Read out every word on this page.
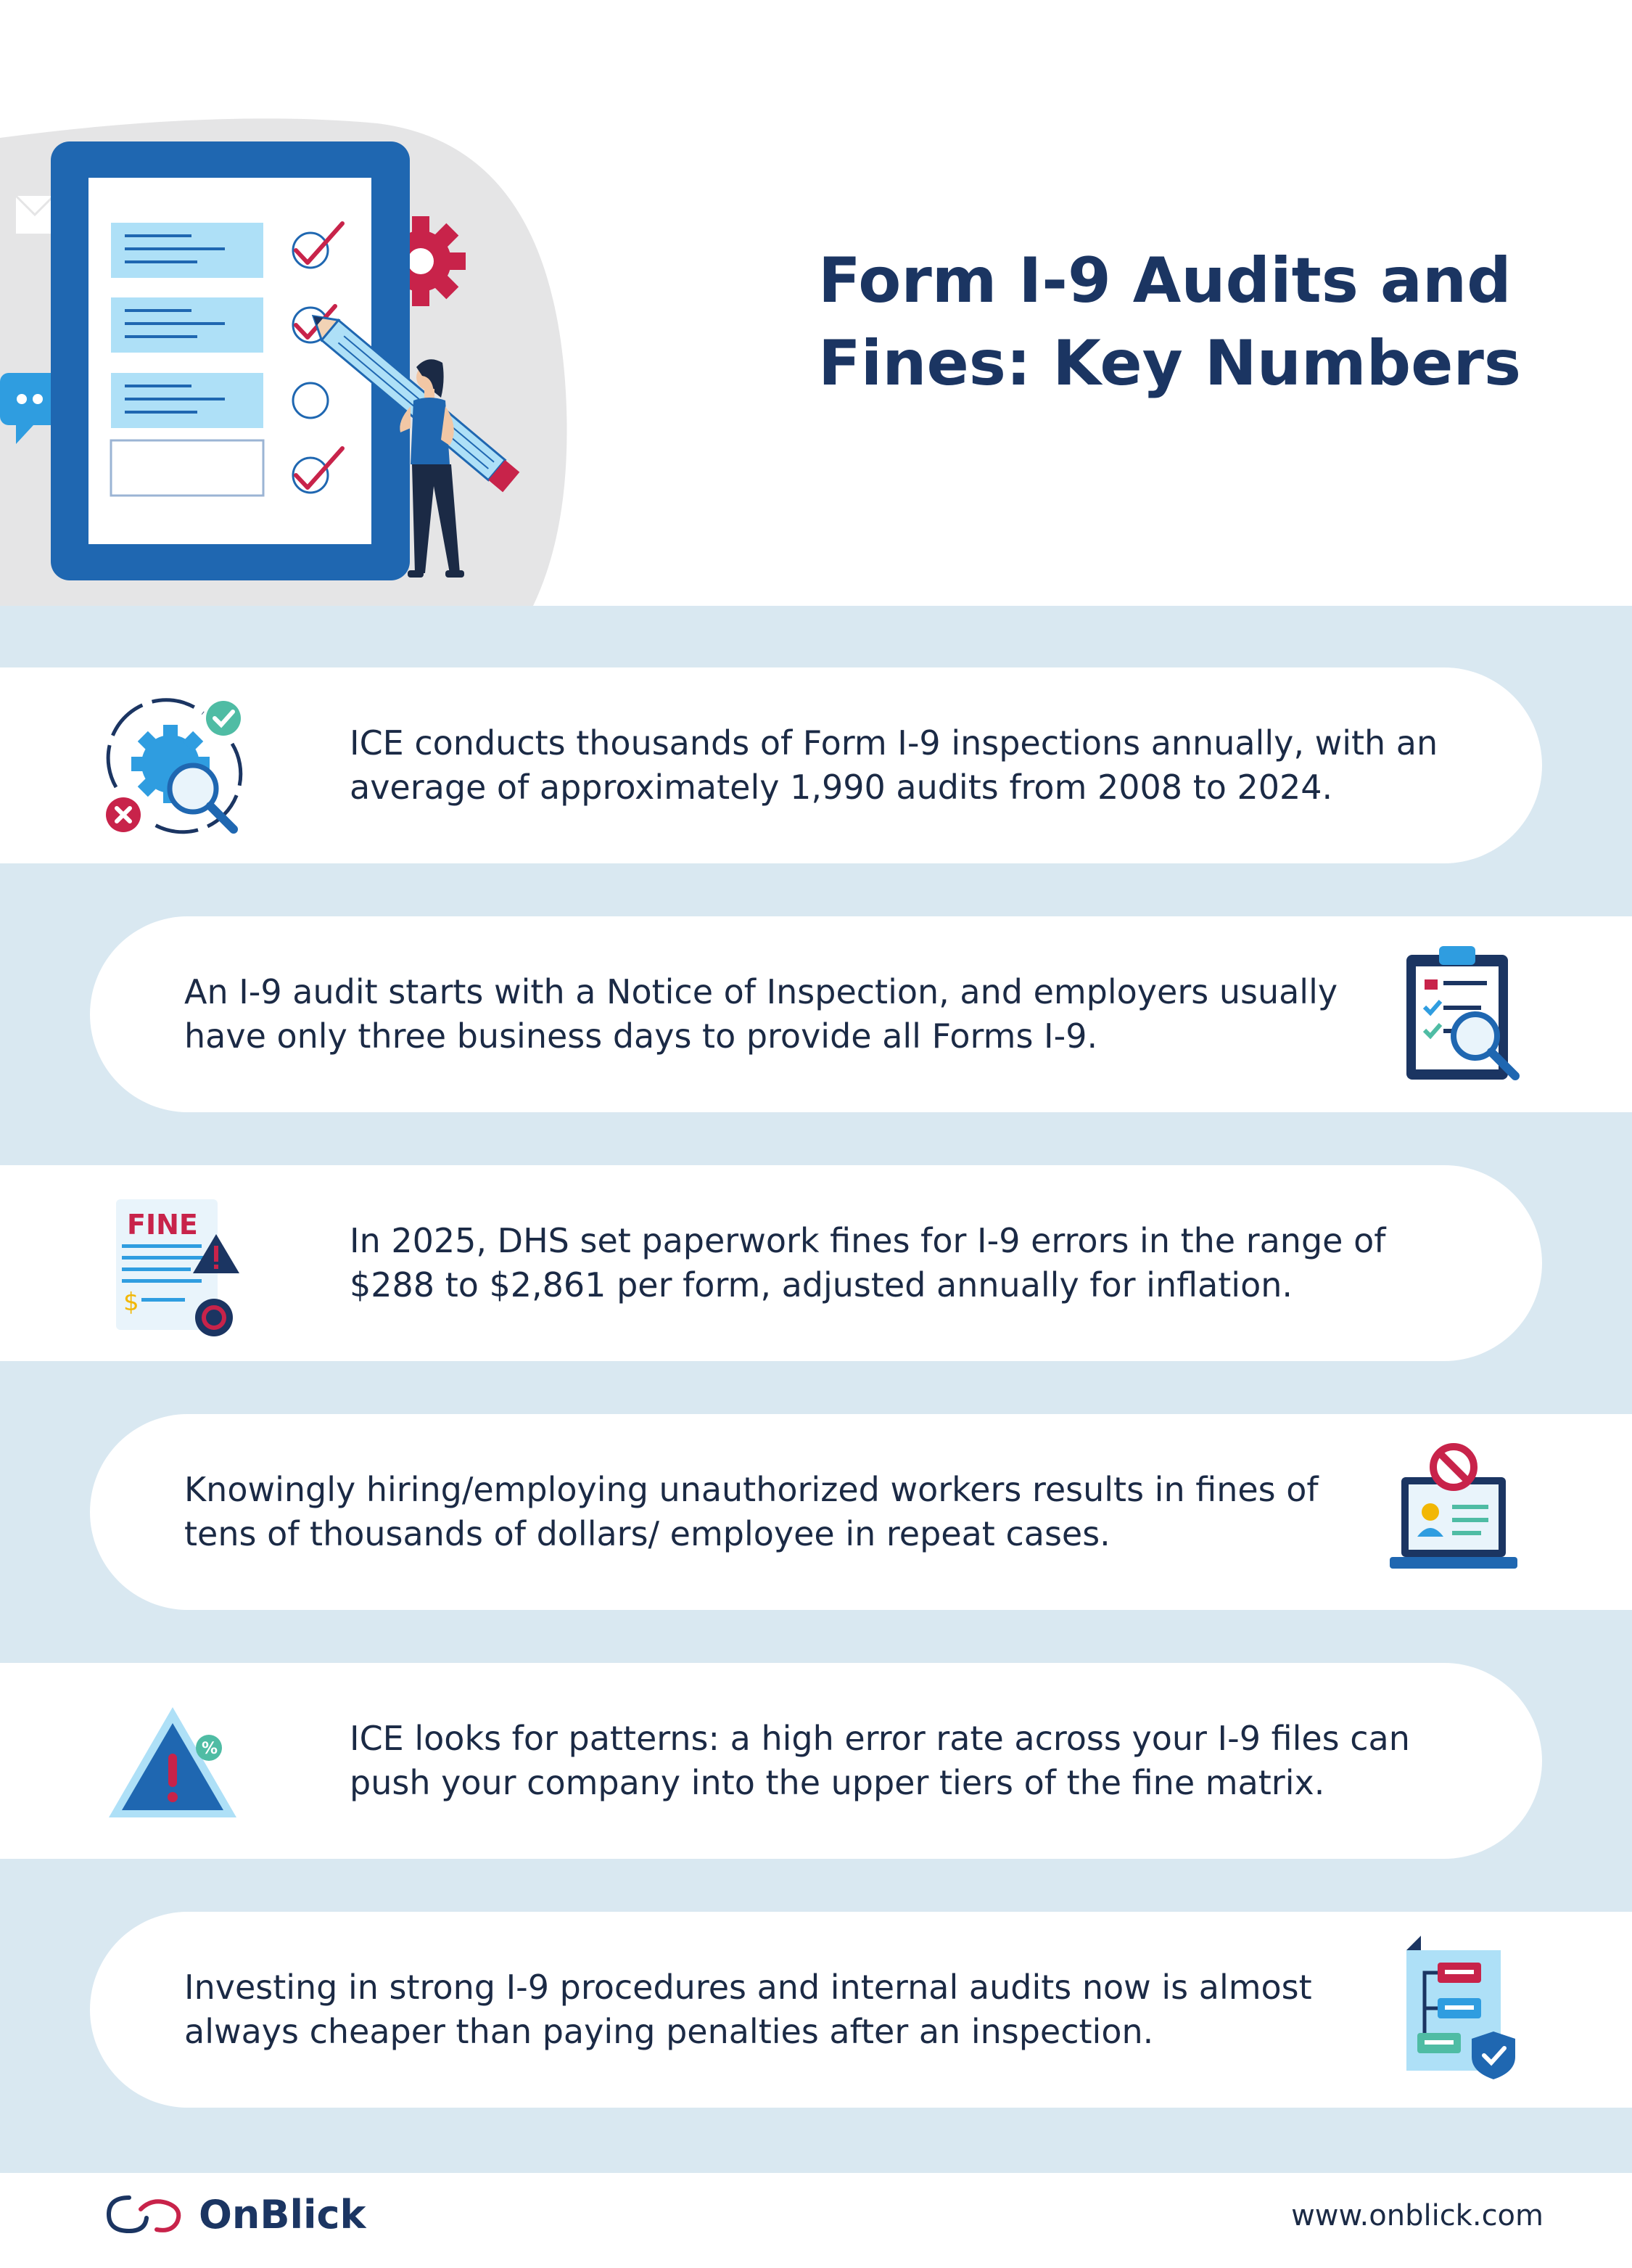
Form I-9 Audits and
Fines: Key Numbers
ICE conducts thousands of Form I-9 inspections annually, with an average of approximately 1,990 audits from 2008 to 2024.
An I-9 audit starts with a Notice of Inspection, and employers usually have only three business days to provide all Forms I-9.
FINE
$
In 2025, DHS set paperwork fines for I-9 errors in the range of $288 to $2,861 per form, adjusted annually for inflation.
Knowingly hiring/employing unauthorized workers results in fines of tens of thousands of dollars/ employee in repeat cases.
%	ICE looks for patterns: a high error rate across your I-9 files can push your company into the upper tiers of the fine matrix.
Investing in strong I-9 procedures and internal audits now is almost always cheaper than paying penalties after an inspection.
OnBlick	www.onblick.com
